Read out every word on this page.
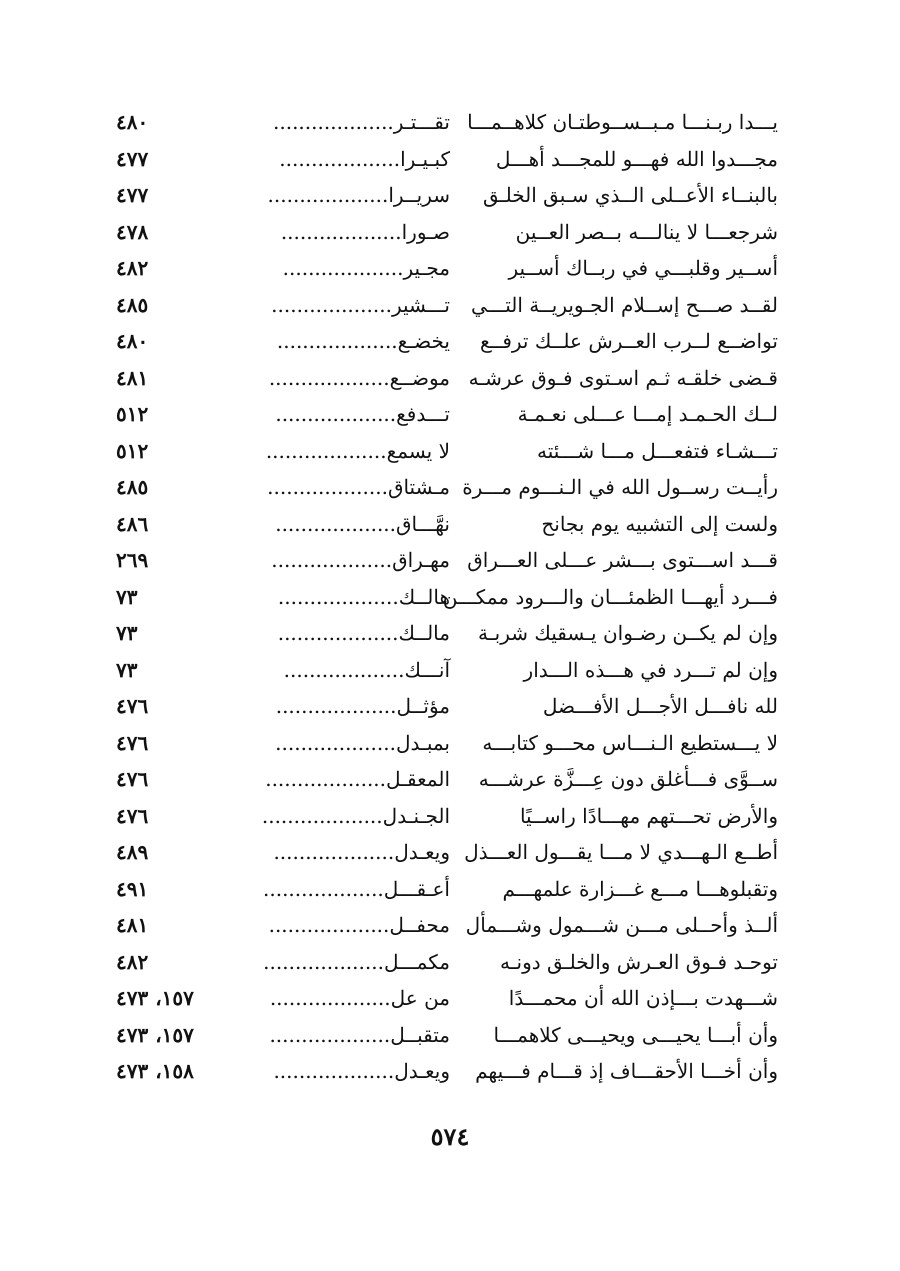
يـــدا ربـنـــا مـبــســوطتـان كلاهــمـــا
تقـــتـر...................
٤٨٠
مجـــدوا الله فهـــو للمجـــد أهـــل
كبـيـرا...................
٤٧٧
بالبنــاء الأعــلى الــذي سـبق الخلـق
سريــرا...................
٤٧٧
شرجعـــا لا ينالـــه بــصر العــين
صـورا...................
٤٧٨
أســير وقلبـــي في ربــاك أســير
مجـير...................
٤٨٢
لقــد صـــح إســلام الجـويريــة التـــي
تـــشير...................
٤٨٥
تواضــع لــرب العــرش علــك ترفــع
يخضـع...................
٤٨٠
قـضى خلقـه ثـم اسـتوى فـوق عرشـه
موضــع...................
٤٨١
لــك الحـمـد إمـــا عـــلى نعـمـة
تـــدفع...................
٥١٢
تـــشـاء فتفعـــل مـــا شـــئته
لا يسمع...................
٥١٢
رأيــت رســول الله في الـنـــوم مـــرة
مـشتاق...................
٤٨٥
ولست إلى التشبيه يوم بجانح
نهَّـــاق...................
٤٨٦
قـــد اســـتوى بـــشر عـــلى العـــراق
مهـراق...................
٢٦٩
فـــرد أيهـــا الظمئـــان والـــرود ممكـــن
هالــك...................
٧٣
وإن لم يكــن رضـوان يـسقيك شربـة
مالــك...................
٧٣
وإن لم تـــرد في هـــذه الـــدار
آنـــك...................
٧٣
لله نافـــل الأجـــل الأفـــضل
مؤثــل...................
٤٧٦
لا يـــستطيع الـنـــاس محـــو كتابـــه
بمبـدل...................
٤٧٦
ســوَّى فـــأغلق دون عِـــزَّة عرشـــه
المعقـل...................
٤٧٦
والأرض تحـــتهم مهـــادًا راســيًا
الجـنـدل...................
٤٧٦
أطــع الـهـــدي لا مـــا يقـــول العـــذل
ويعـدل...................
٤٨٩
وتقبلوهـــا مـــع غـــزارة علمهـــم
أعـقـــل...................
٤٩١
ألــذ وأحــلى مـــن شـــمول وشـــمأل
محفــل...................
٤٨١
توحـد فـوق العـرش والخلـق دونـه
مكمـــل...................
٤٨٢
شـــهدت بـــإذن الله أن محمـــدًا
من عل...................
١٥٧، ٤٧٣
وأن أبـــا يحيـــى ويحيـــى كلاهمـــا
متقبــل...................
١٥٧، ٤٧٣
وأن أخـــا الأحقـــاف إذ قـــام فـــيهم
ويعـدل...................
١٥٨، ٤٧٣
٥٧٤
